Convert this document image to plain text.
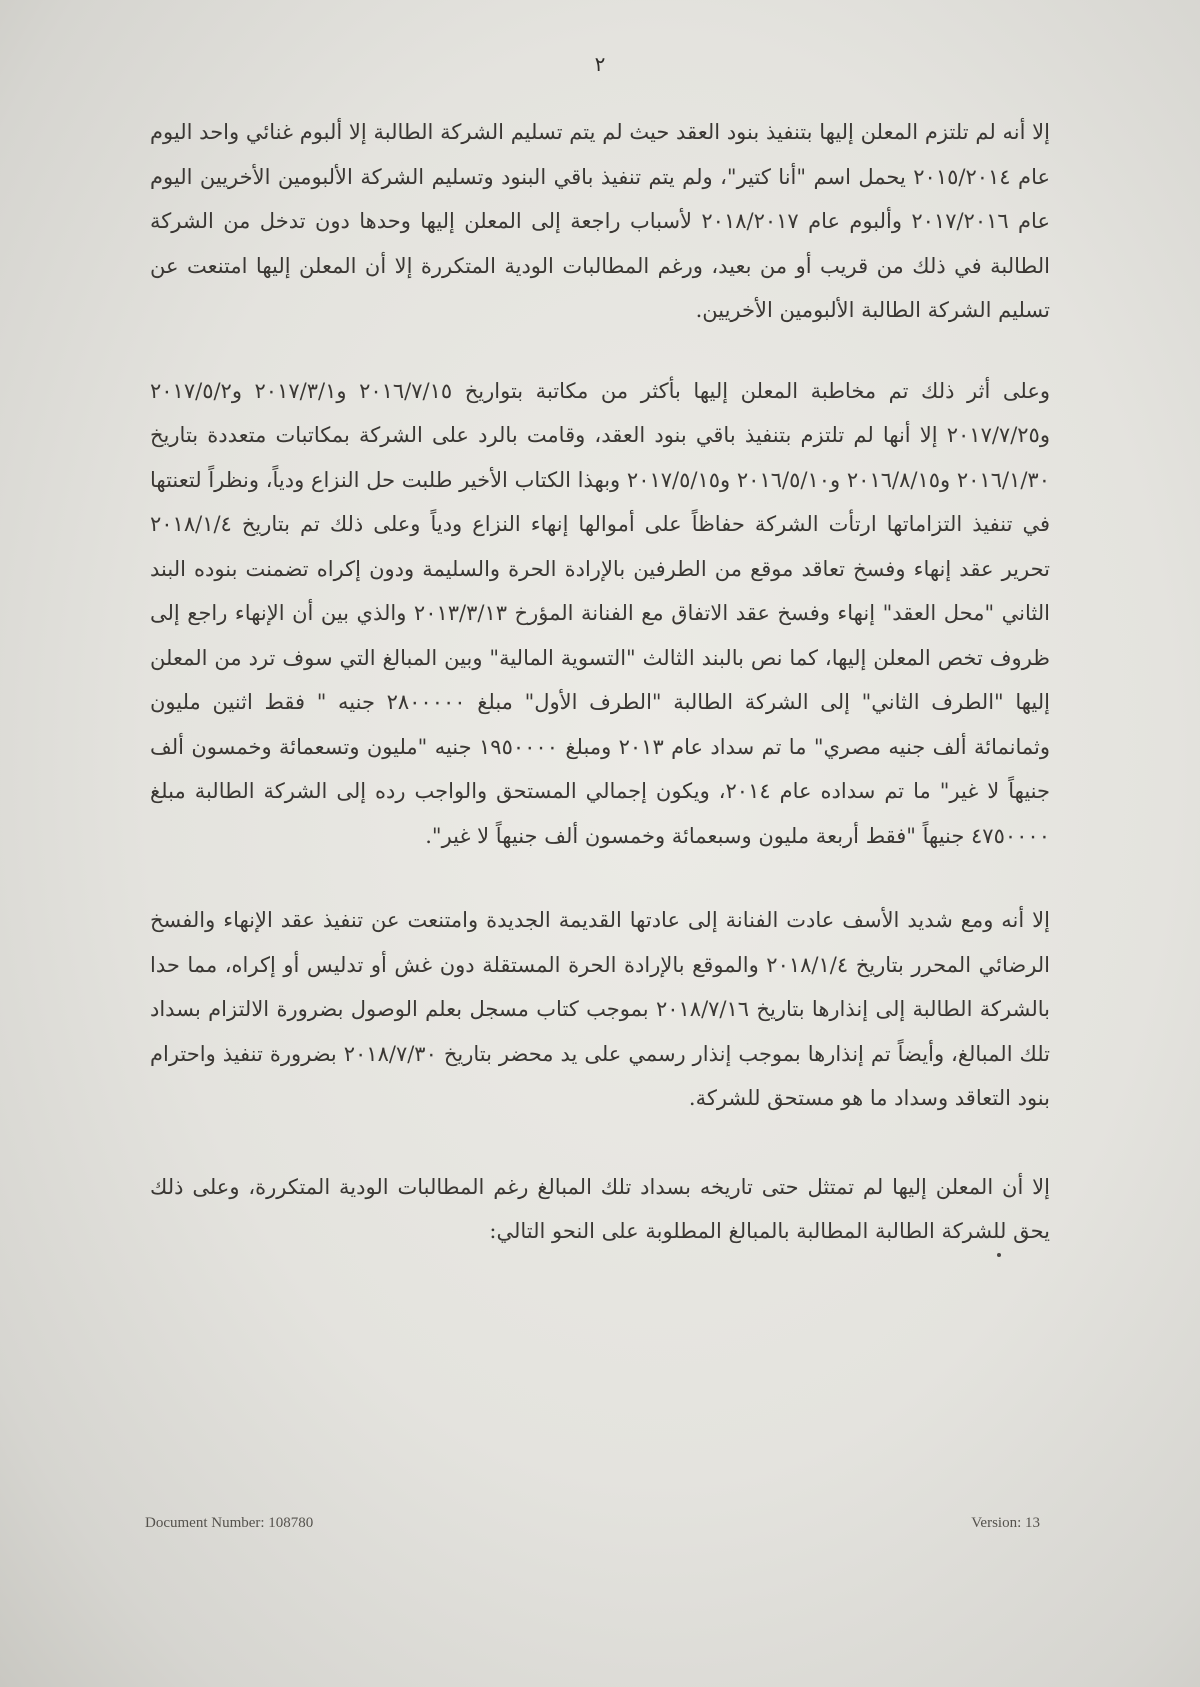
٢

إلا أنه لم تلتزم المعلن إليها بتنفيذ بنود العقد حيث لم يتم تسليم الشركة الطالبة إلا ألبوم غنائي واحد اليوم عام ٢٠١٥/٢٠١٤ يحمل اسم "أنا كتير"، ولم يتم تنفيذ باقي البنود وتسليم الشركة الألبومين الأخريين اليوم عام ٢٠١٧/٢٠١٦ وألبوم عام ٢٠١٨/٢٠١٧ لأسباب راجعة إلى المعلن إليها وحدها دون تدخل من الشركة الطالبة في ذلك من قريب أو من بعيد، ورغم المطالبات الودية المتكررة إلا أن المعلن إليها امتنعت عن تسليم الشركة الطالبة الألبومين الأخريين.

وعلى أثر ذلك تم مخاطبة المعلن إليها بأكثر من مكاتبة بتواريخ ٢٠١٦/٧/١٥ و٢٠١٧/٣/١ و٢٠١٧/٥/٢ و٢٠١٧/٧/٢٥ إلا أنها لم تلتزم بتنفيذ باقي بنود العقد، وقامت بالرد على الشركة بمكاتبات متعددة بتاريخ ٢٠١٦/١/٣٠ و٢٠١٦/٨/١٥ و٢٠١٦/٥/١٠ و٢٠١٧/٥/١٥ وبهذا الكتاب الأخير طلبت حل النزاع ودياً، ونظراً لتعنتها في تنفيذ التزاماتها ارتأت الشركة حفاظاً على أموالها إنهاء النزاع ودياً وعلى ذلك تم بتاريخ ٢٠١٨/١/٤ تحرير عقد إنهاء وفسخ تعاقد موقع من الطرفين بالإرادة الحرة والسليمة ودون إكراه تضمنت بنوده البند الثاني "محل العقد" إنهاء وفسخ عقد الاتفاق مع الفنانة المؤرخ ٢٠١٣/٣/١٣ والذي بين أن الإنهاء راجع إلى ظروف تخص المعلن إليها، كما نص بالبند الثالث "التسوية المالية" وبين المبالغ التي سوف ترد من المعلن إليها "الطرف الثاني" إلى الشركة الطالبة "الطرف الأول" مبلغ ٢٨٠٠٠٠٠ جنيه " فقط اثنين مليون وثمانمائة ألف جنيه مصري" ما تم سداد عام ٢٠١٣ ومبلغ ١٩٥٠٠٠٠ جنيه "مليون وتسعمائة وخمسون ألف جنيهاً لا غير" ما تم سداده عام ٢٠١٤، ويكون إجمالي المستحق والواجب رده إلى الشركة الطالبة مبلغ ٤٧٥٠٠٠٠ جنيهاً "فقط أربعة مليون وسبعمائة وخمسون ألف جنيهاً لا غير".

إلا أنه ومع شديد الأسف عادت الفنانة إلى عادتها القديمة الجديدة وامتنعت عن تنفيذ عقد الإنهاء والفسخ الرضائي المحرر بتاريخ ٢٠١٨/١/٤ والموقع بالإرادة الحرة المستقلة دون غش أو تدليس أو إكراه، مما حدا بالشركة الطالبة إلى إنذارها بتاريخ ٢٠١٨/٧/١٦ بموجب كتاب مسجل بعلم الوصول بضرورة الالتزام بسداد تلك المبالغ، وأيضاً تم إنذارها بموجب إنذار رسمي على يد محضر بتاريخ ٢٠١٨/٧/٣٠ بضرورة تنفيذ واحترام بنود التعاقد وسداد ما هو مستحق للشركة.

إلا أن المعلن إليها لم تمتثل حتى تاريخه بسداد تلك المبالغ رغم المطالبات الودية المتكررة، وعلى ذلك يحق للشركة الطالبة المطالبة بالمبالغ المطلوبة على النحو التالي:

Document Number: 108780	Version: 13
